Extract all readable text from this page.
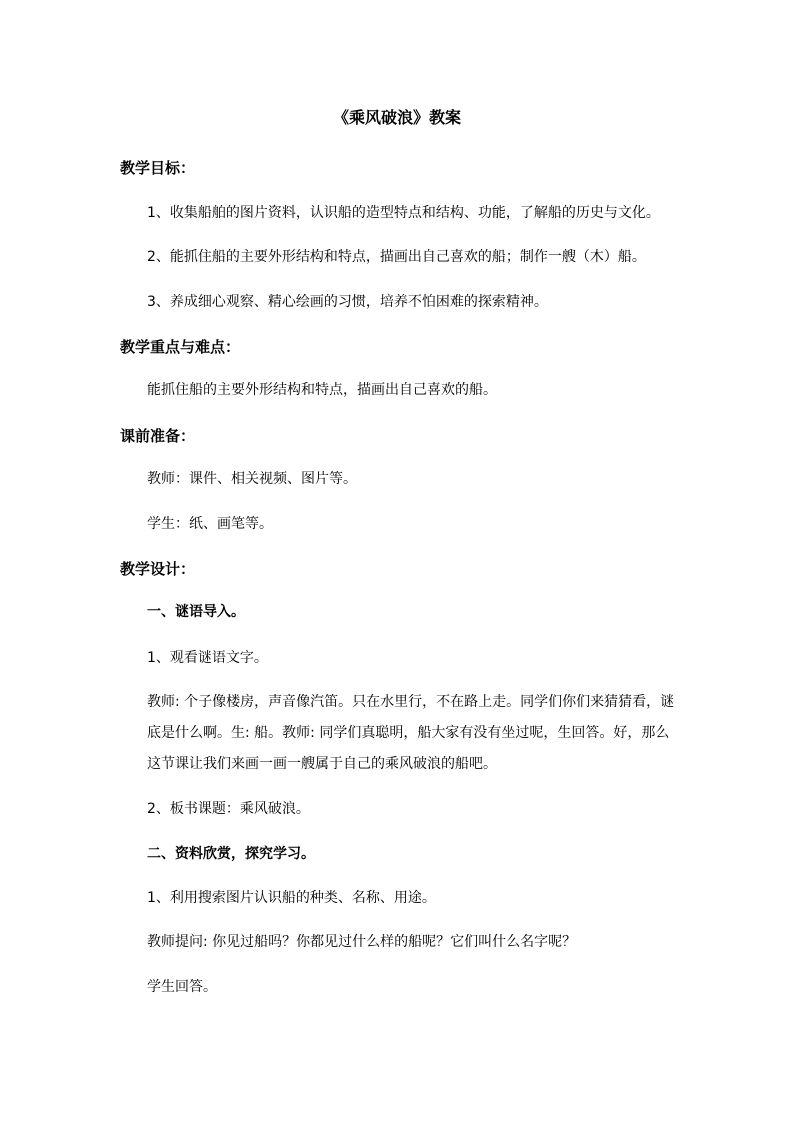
《乘风破浪》教案
教学目标：
1、收集船舶的图片资料，认识船的造型特点和结构、功能，了解船的历史与文化。
2、能抓住船的主要外形结构和特点，描画出自己喜欢的船；制作一艘（木）船。
3、养成细心观察、精心绘画的习惯，培养不怕困难的探索精神。
教学重点与难点：
能抓住船的主要外形结构和特点，描画出自己喜欢的船。
课前准备：
教师：课件、相关视频、图片等。
学生：纸、画笔等。
教学设计：
一、谜语导入。
1、观看谜语文字。
教师: 个子像楼房，声音像汽笛。只在水里行，不在路上走。同学们你们来猜猜看，谜
底是什么啊。生: 船。教师: 同学们真聪明，船大家有没有坐过呢，生回答。好，那么
这节课让我们来画一画一艘属于自己的乘风破浪的船吧。
2、板书课题：乘风破浪。
二、资料欣赏，探究学习。
1、利用搜索图片认识船的种类、名称、用途。
教师提问: 你见过船吗？你都见过什么样的船呢？它们叫什么名字呢？
学生回答。
